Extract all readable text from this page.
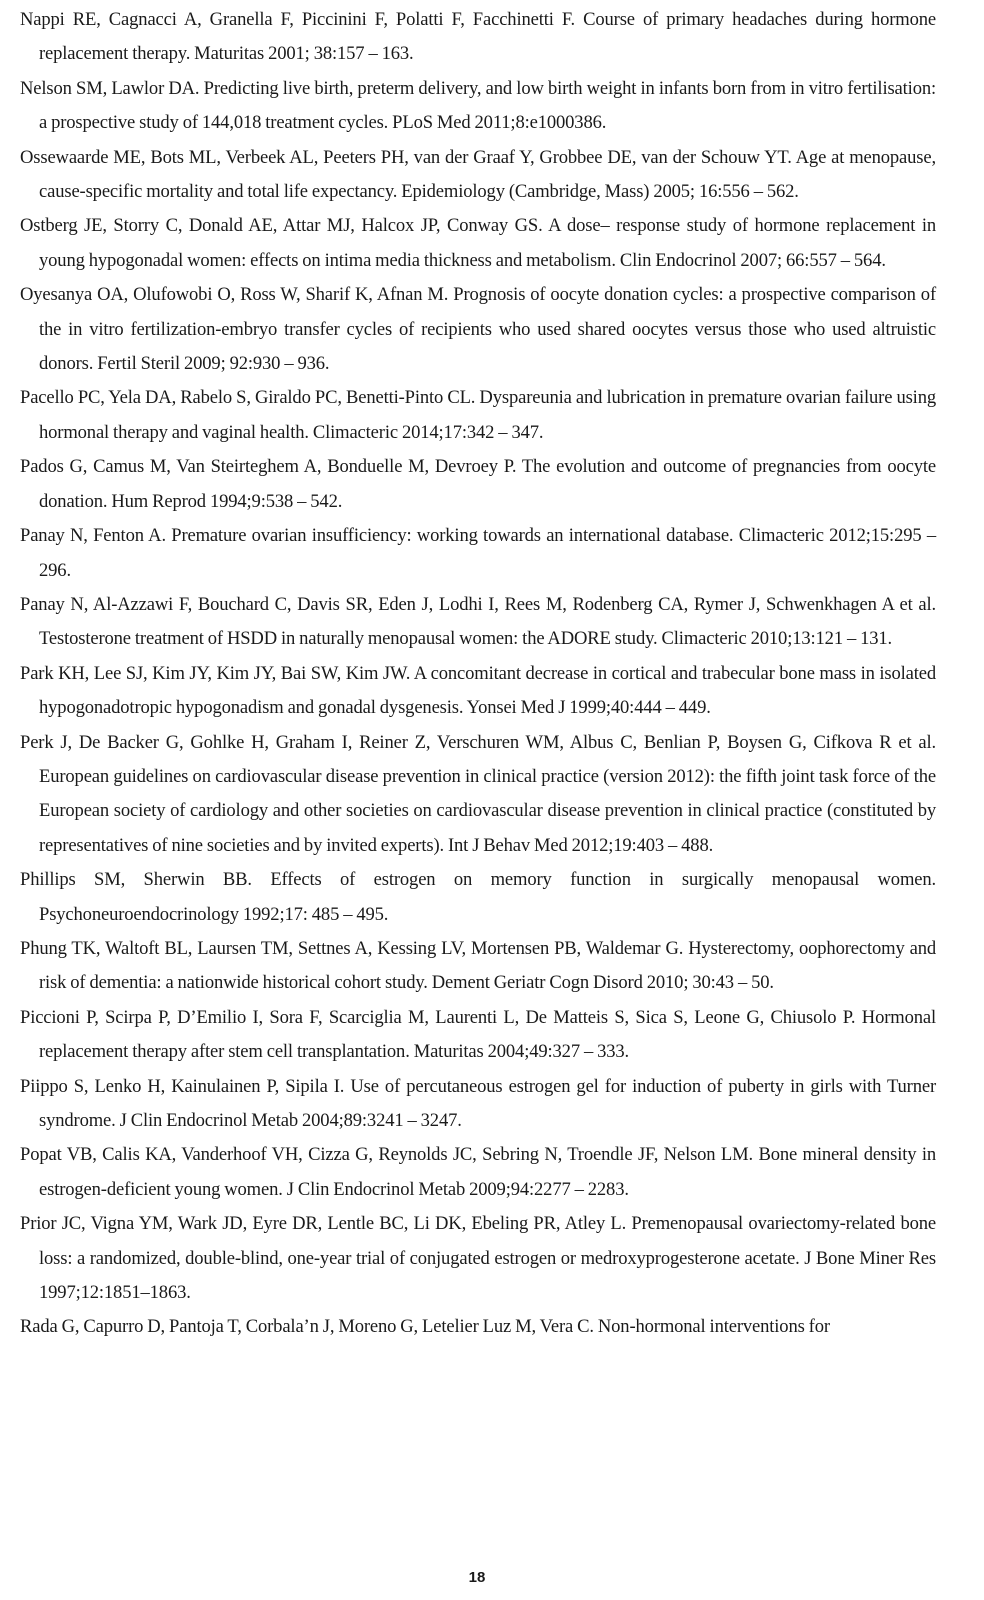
Nappi RE, Cagnacci A, Granella F, Piccinini F, Polatti F, Facchinetti F. Course of primary headaches during hormone replacement therapy. Maturitas 2001; 38:157 – 163.
Nelson SM, Lawlor DA. Predicting live birth, preterm delivery, and low birth weight in infants born from in vitro fertilisation: a prospective study of 144,018 treatment cycles. PLoS Med 2011;8:e1000386.
Ossewaarde ME, Bots ML, Verbeek AL, Peeters PH, van der Graaf Y, Grobbee DE, van der Schouw YT. Age at menopause, cause-specific mortality and total life expectancy. Epidemiology (Cambridge, Mass) 2005; 16:556 – 562.
Ostberg JE, Storry C, Donald AE, Attar MJ, Halcox JP, Conway GS. A dose– response study of hormone replacement in young hypogonadal women: effects on intima media thickness and metabolism. Clin Endocrinol 2007; 66:557 – 564.
Oyesanya OA, Olufowobi O, Ross W, Sharif K, Afnan M. Prognosis of oocyte donation cycles: a prospective comparison of the in vitro fertilization-embryo transfer cycles of recipients who used shared oocytes versus those who used altruistic donors. Fertil Steril 2009; 92:930 – 936.
Pacello PC, Yela DA, Rabelo S, Giraldo PC, Benetti-Pinto CL. Dyspareunia and lubrication in premature ovarian failure using hormonal therapy and vaginal health. Climacteric 2014;17:342 – 347.
Pados G, Camus M, Van Steirteghem A, Bonduelle M, Devroey P. The evolution and outcome of pregnancies from oocyte donation. Hum Reprod 1994;9:538 – 542.
Panay N, Fenton A. Premature ovarian insufficiency: working towards an international database. Climacteric 2012;15:295 – 296.
Panay N, Al-Azzawi F, Bouchard C, Davis SR, Eden J, Lodhi I, Rees M, Rodenberg CA, Rymer J, Schwenkhagen A et al. Testosterone treatment of HSDD in naturally menopausal women: the ADORE study. Climacteric 2010;13:121 – 131.
Park KH, Lee SJ, Kim JY, Kim JY, Bai SW, Kim JW. A concomitant decrease in cortical and trabecular bone mass in isolated hypogonadotropic hypogonadism and gonadal dysgenesis. Yonsei Med J 1999;40:444 – 449.
Perk J, De Backer G, Gohlke H, Graham I, Reiner Z, Verschuren WM, Albus C, Benlian P, Boysen G, Cifkova R et al. European guidelines on cardiovascular disease prevention in clinical practice (version 2012): the fifth joint task force of the European society of cardiology and other societies on cardiovascular disease prevention in clinical practice (constituted by representatives of nine societies and by invited experts). Int J Behav Med 2012;19:403 – 488.
Phillips SM, Sherwin BB. Effects of estrogen on memory function in surgically menopausal women. Psychoneuroendocrinology 1992;17: 485 – 495.
Phung TK, Waltoft BL, Laursen TM, Settnes A, Kessing LV, Mortensen PB, Waldemar G. Hysterectomy, oophorectomy and risk of dementia: a nationwide historical cohort study. Dement Geriatr Cogn Disord 2010; 30:43 – 50.
Piccioni P, Scirpa P, D’Emilio I, Sora F, Scarciglia M, Laurenti L, De Matteis S, Sica S, Leone G, Chiusolo P. Hormonal replacement therapy after stem cell transplantation. Maturitas 2004;49:327 – 333.
Piippo S, Lenko H, Kainulainen P, Sipila I. Use of percutaneous estrogen gel for induction of puberty in girls with Turner syndrome. J Clin Endocrinol Metab 2004;89:3241 – 3247.
Popat VB, Calis KA, Vanderhoof VH, Cizza G, Reynolds JC, Sebring N, Troendle JF, Nelson LM. Bone mineral density in estrogen-deficient young women. J Clin Endocrinol Metab 2009;94:2277 – 2283.
Prior JC, Vigna YM, Wark JD, Eyre DR, Lentle BC, Li DK, Ebeling PR, Atley L. Premenopausal ovariectomy-related bone loss: a randomized, double-blind, one-year trial of conjugated estrogen or medroxyprogesterone acetate. J Bone Miner Res 1997;12:1851–1863.
Rada G, Capurro D, Pantoja T, Corbala’n J, Moreno G, Letelier Luz M, Vera C. Non-hormonal interventions for
18
